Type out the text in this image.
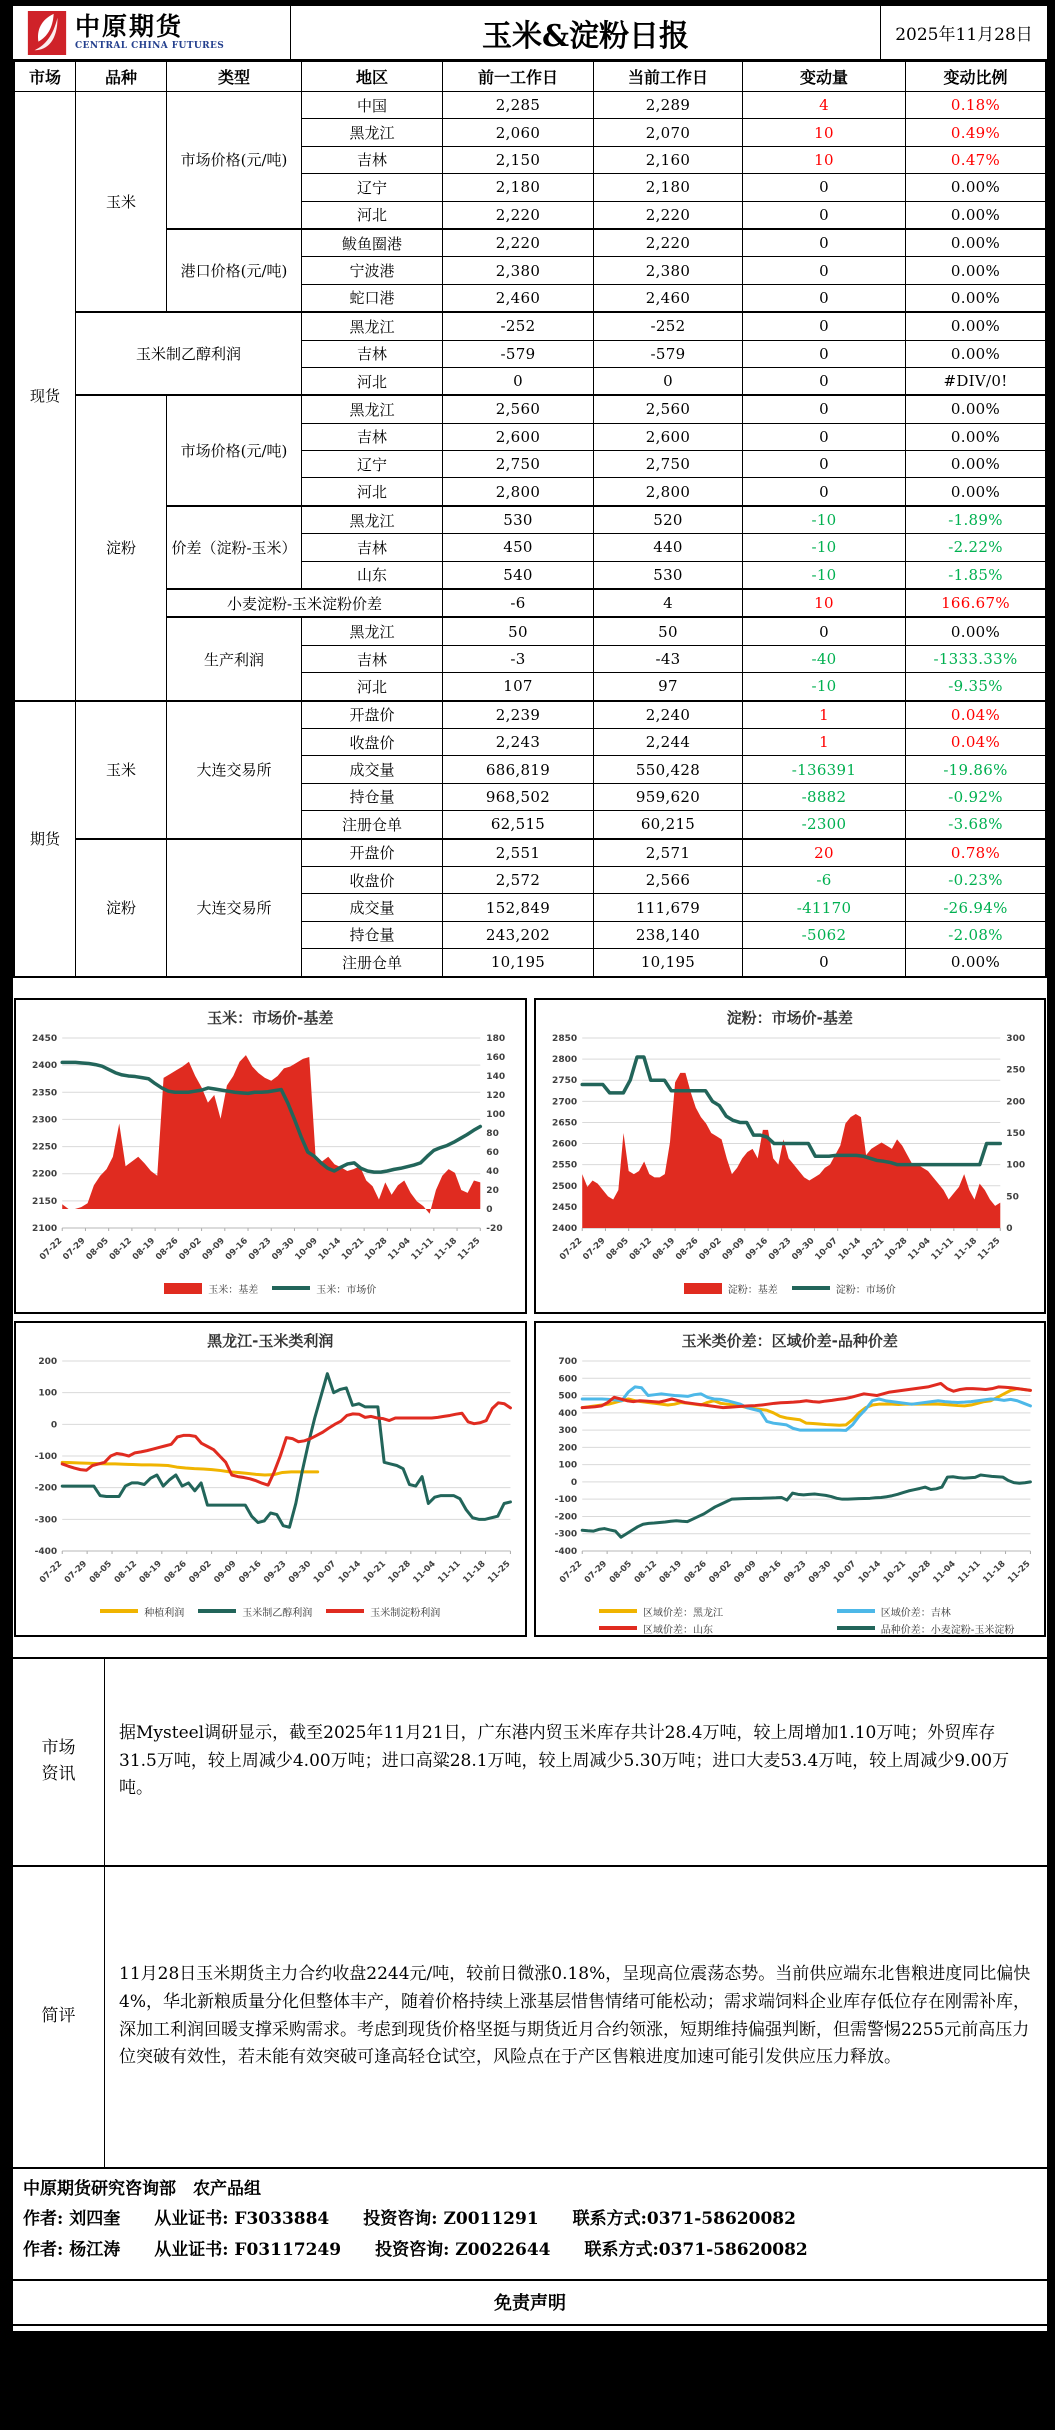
中原期货
CENTRAL CHINA FUTURES	玉米&淀粉日报	2025年11月28日
市场	品种	类型	地区	前一工作日	当前工作日	变动量	变动比例
现货	玉米	市场价格(元/吨)	中国	2,285	2,289	4	0.18%
			黑龙江	2,060	2,070	10	0.49%
			吉林	2,150	2,160	10	0.47%
			辽宁	2,180	2,180	0	0.00%
			河北	2,220	2,220	0	0.00%
		港口价格(元/吨)	鲅鱼圈港	2,220	2,220	0	0.00%
			宁波港	2,380	2,380	0	0.00%
			蛇口港	2,460	2,460	0	0.00%
	玉米制乙醇利润		黑龙江	-252	-252	0	0.00%
			吉林	-579	-579	0	0.00%
			河北	0	0	0	#DIV/0!
	淀粉	市场价格(元/吨)	黑龙江	2,560	2,560	0	0.00%
			吉林	2,600	2,600	0	0.00%
			辽宁	2,750	2,750	0	0.00%
			河北	2,800	2,800	0	0.00%
		价差（淀粉-玉米）	黑龙江	530	520	-10	-1.89%
			吉林	450	440	-10	-2.22%
			山东	540	530	-10	-1.85%
		小麦淀粉-玉米淀粉价差		-6	4	10	166.67%
		生产利润	黑龙江	50	50	0	0.00%
			吉林	-3	-43	-40	-1333.33%
			河北	107	97	-10	-9.35%
期货	玉米	大连交易所	开盘价	2,239	2,240	1	0.04%
			收盘价	2,243	2,244	1	0.04%
			成交量	686,819	550,428	-136391	-19.86%
			持仓量	968,502	959,620	-8882	-0.92%
			注册仓单	62,515	60,215	-2300	-3.68%
	淀粉	大连交易所	开盘价	2,551	2,571	20	0.78%
			收盘价	2,572	2,566	-6	-0.23%
			成交量	152,849	111,679	-41170	-26.94%
			持仓量	243,202	238,140	-5062	-2.08%
			注册仓单	10,195	10,195	0	0.00%
玉米：市场价-基差
2100
2150
2200
2250
2300
2350
2400
2450
-20
0
20
40
60
80
100
120
140
160
180
07-22
07-29
08-05
08-12
08-19
08-26
09-02
09-09
09-16
09-23
09-30
10-09
10-14
10-21
10-28
11-04
11-11
11-18
11-25
玉米：基差	玉米：市场价
淀粉：市场价-基差
2400
2450
2500
2550
2600
2650
2700
2750
2800
2850
0
50
100
150
200
250
300
07-22
07-29
08-05
08-12
08-19
08-26
09-02
09-09
09-16
09-23
09-30
10-07
10-14
10-21
10-28
11-04
11-11
11-18
11-25
淀粉：基差	淀粉：市场价
黑龙江-玉米类利润
-400
-300
-200
-100
0
100
200
07-22
07-29
08-05
08-12
08-19
08-26
09-02
09-09
09-16
09-23
09-30
10-07
10-14
10-21
10-28
11-04
11-11
11-18
11-25
种植利润	玉米制乙醇利润	玉米制淀粉利润
玉米类价差：区域价差-品种价差
-400
-300
-200
-100
0
100
200
300
400
500
600
700
07-22
07-29
08-05
08-12
08-19
08-26
09-02
09-09
09-16
09-23
09-30
10-07
10-14
10-21
10-28
11-04
11-11
11-18
11-25
区域价差：黑龙江	区域价差：吉林
区域价差：山东	品种价差：小麦淀粉-玉米淀粉
市场资讯
据Mysteel调研显示，截至2025年11月21日，广东港内贸玉米库存共计28.4万吨，较上周增加1.10万吨；外贸库存31.5万吨，较上周减少4.00万吨；进口高粱28.1万吨，较上周减少5.30万吨；进口大麦53.4万吨，较上周减少9.00万吨。
简评
11月28日玉米期货主力合约收盘2244元/吨，较前日微涨0.18%，呈现高位震荡态势。当前供应端东北售粮进度同比偏快4%，华北新粮质量分化但整体丰产，随着价格持续上涨基层惜售情绪可能松动；需求端饲料企业库存低位存在刚需补库，深加工利润回暖支撑采购需求。考虑到现货价格坚挺与期货近月合约领涨，短期维持偏强判断，但需警惕2255元前高压力位突破有效性，若未能有效突破可逢高轻仓试空，风险点在于产区售粮进度加速可能引发供应压力释放。
中原期货研究咨询部　农产品组
作者: 刘四奎　　从业证书: F3033884　　投资咨询: Z0011291　　联系方式:0371-58620082
作者: 杨江涛　　从业证书: F03117249　　投资咨询: Z0022644　　联系方式:0371-58620082
免责声明
本报告中的信息由中原期货整理分析，均来源于已公开的资料，报告中的信息分析或所表达的意见并不构成对投资的建议，投资者因报告意见所做的判断，以及有可能产生的损失自行承担。期货交易有风险，投资者申请开立期货账户须满足证券期货投资者适当性要求，具备匹配的风险承受能力。
